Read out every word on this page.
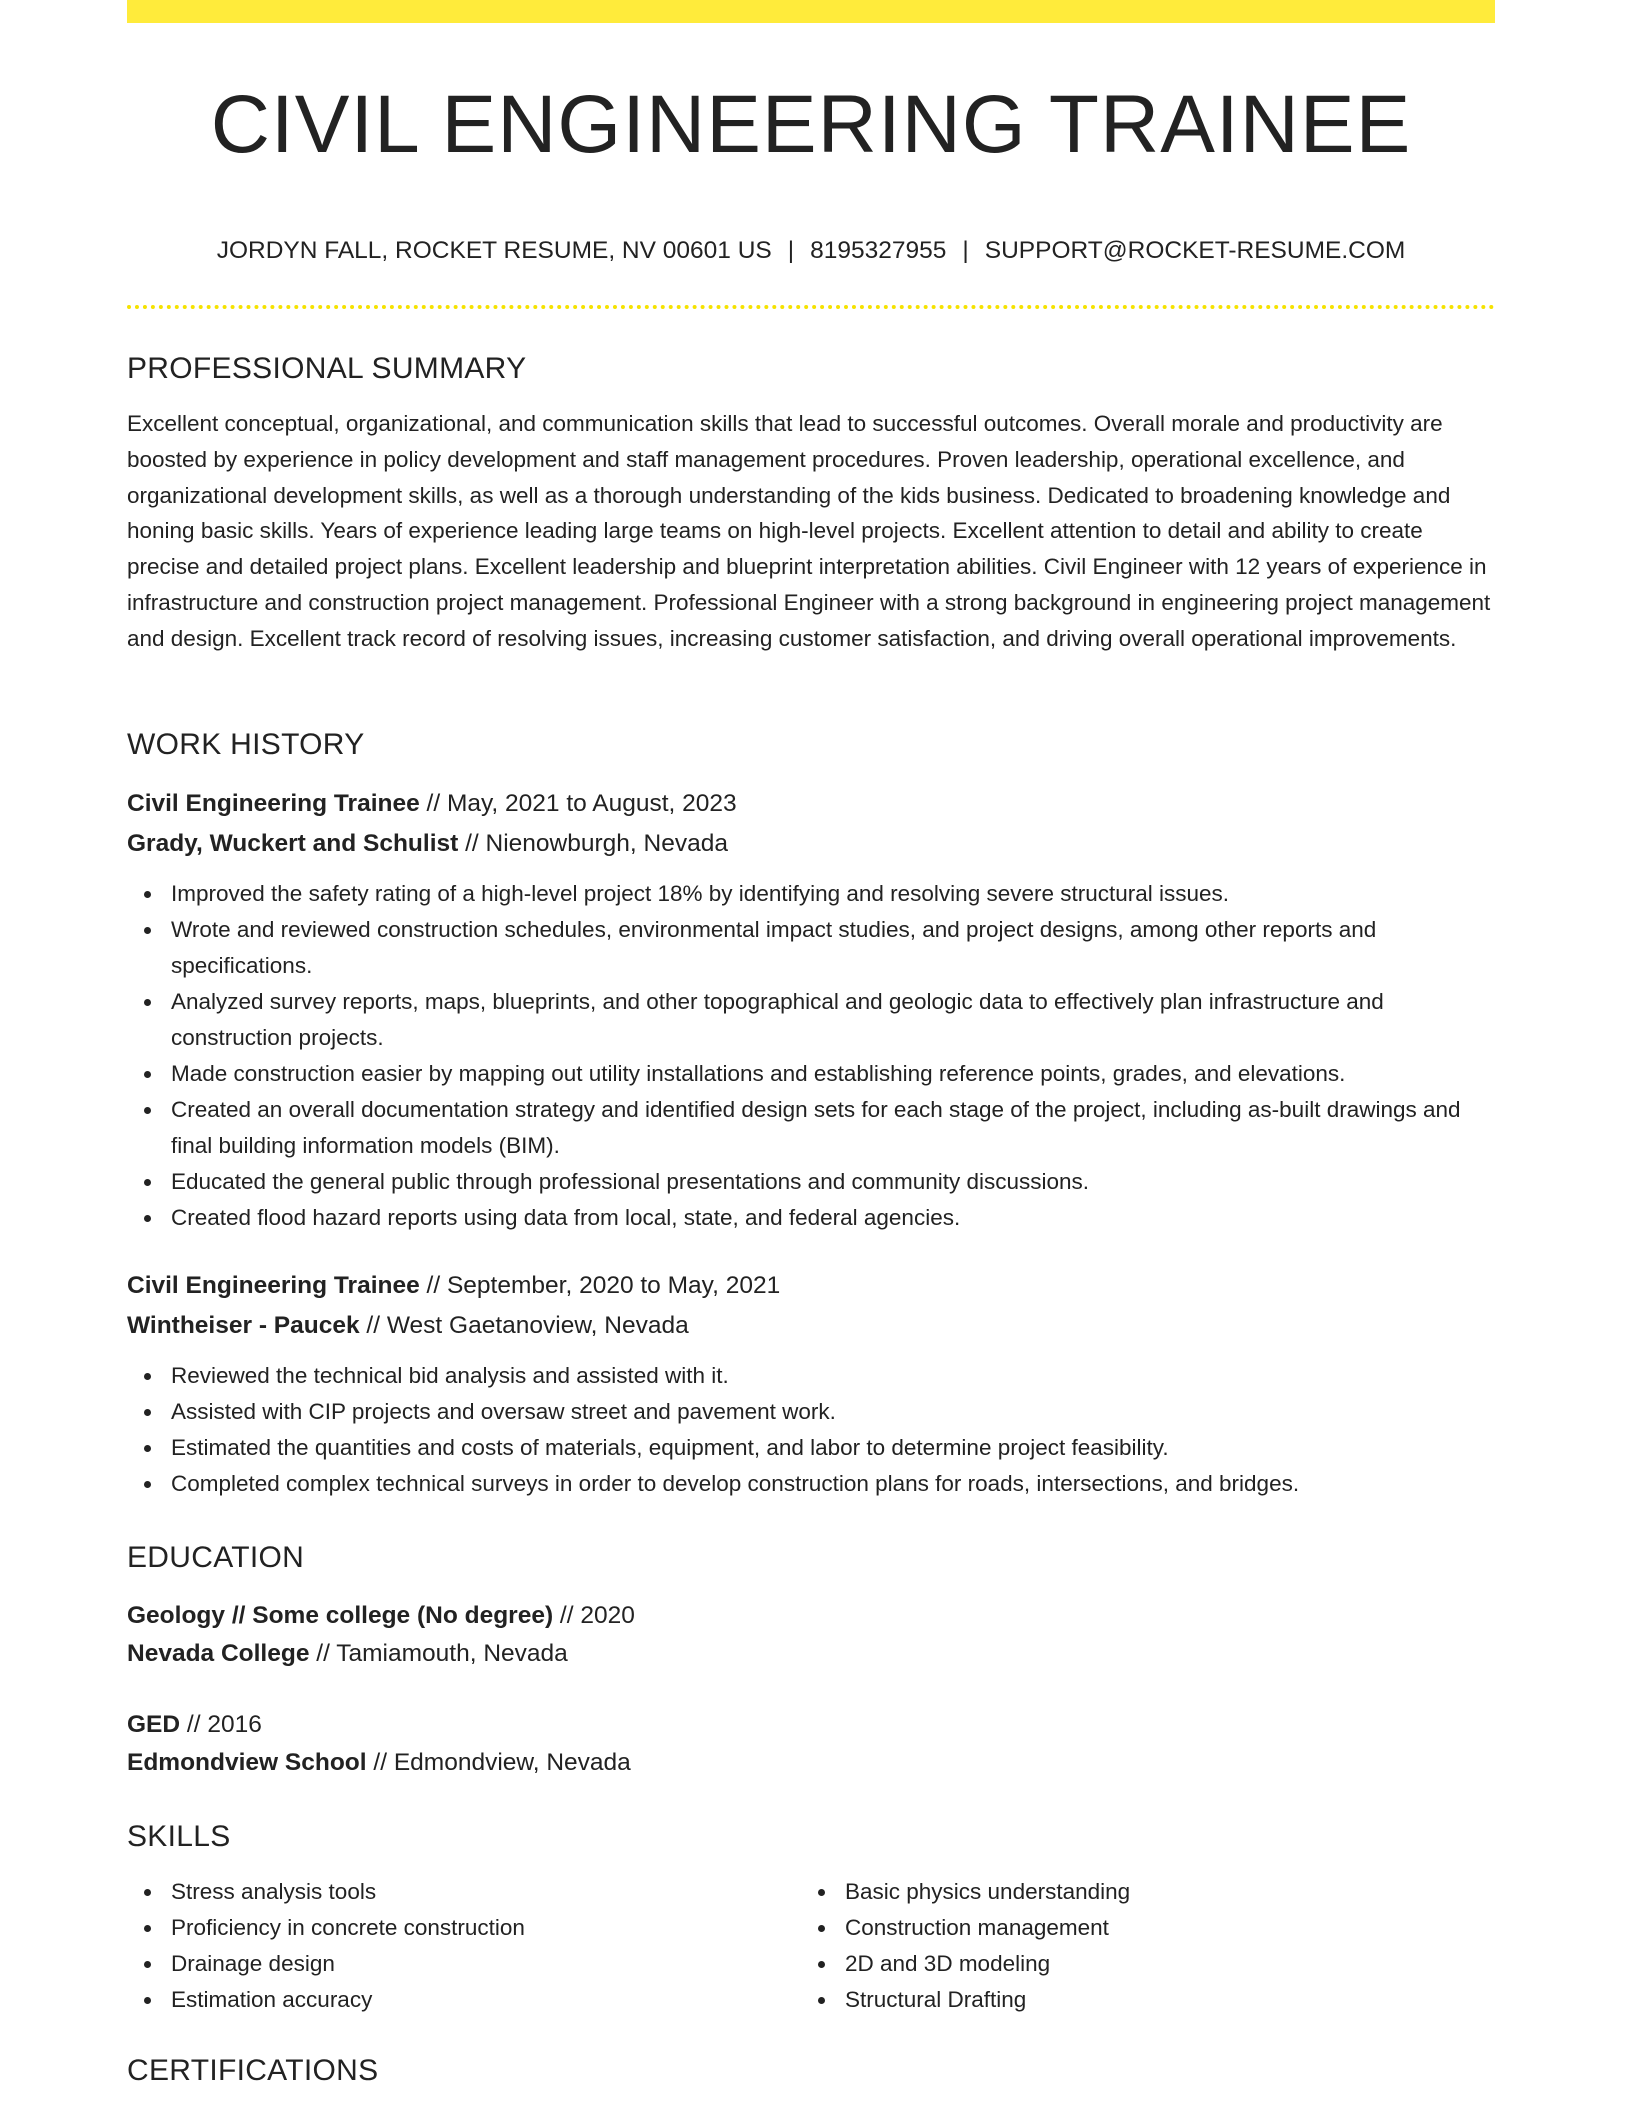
CIVIL ENGINEERING TRAINEE
JORDYN FALL, ROCKET RESUME, NV 00601 US | 8195327955 | SUPPORT@ROCKET-RESUME.COM
PROFESSIONAL SUMMARY

Excellent conceptual, organizational, and communication skills that lead to successful outcomes. Overall morale and productivity are boosted by experience in policy development and staff management procedures. Proven leadership, operational excellence, and organizational development skills, as well as a thorough understanding of the kids business. Dedicated to broadening knowledge and honing basic skills. Years of experience leading large teams on high-level projects. Excellent attention to detail and ability to create precise and detailed project plans. Excellent leadership and blueprint interpretation abilities. Civil Engineer with 12 years of experience in infrastructure and construction project management. Professional Engineer with a strong background in engineering project management and design. Excellent track record of resolving issues, increasing customer satisfaction, and driving overall operational improvements.

WORK HISTORY
Civil Engineering Trainee // May, 2021 to August, 2023
Grady, Wuckert and Schulist // Nienowburgh, Nevada
Improved the safety rating of a high-level project 18% by identifying and resolving severe structural issues.
Wrote and reviewed construction schedules, environmental impact studies, and project designs, among other reports and specifications.
Analyzed survey reports, maps, blueprints, and other topographical and geologic data to effectively plan infrastructure and construction projects.
Made construction easier by mapping out utility installations and establishing reference points, grades, and elevations.
Created an overall documentation strategy and identified design sets for each stage of the project, including as-built drawings and final building information models (BIM).
Educated the general public through professional presentations and community discussions.
Created flood hazard reports using data from local, state, and federal agencies.
Civil Engineering Trainee // September, 2020 to May, 2021
Wintheiser - Paucek // West Gaetanoview, Nevada
Reviewed the technical bid analysis and assisted with it.
Assisted with CIP projects and oversaw street and pavement work.
Estimated the quantities and costs of materials, equipment, and labor to determine project feasibility.
Completed complex technical surveys in order to develop construction plans for roads, intersections, and bridges.
EDUCATION
Geology // Some college (No degree) // 2020
Nevada College // Tamiamouth, Nevada
GED // 2016
Edmondview School // Edmondview, Nevada
SKILLS
Stress analysis tools
Proficiency in concrete construction
Drainage design
Estimation accuracy
Basic physics understanding
Construction management
2D and 3D modeling
Structural Drafting
CERTIFICATIONS
